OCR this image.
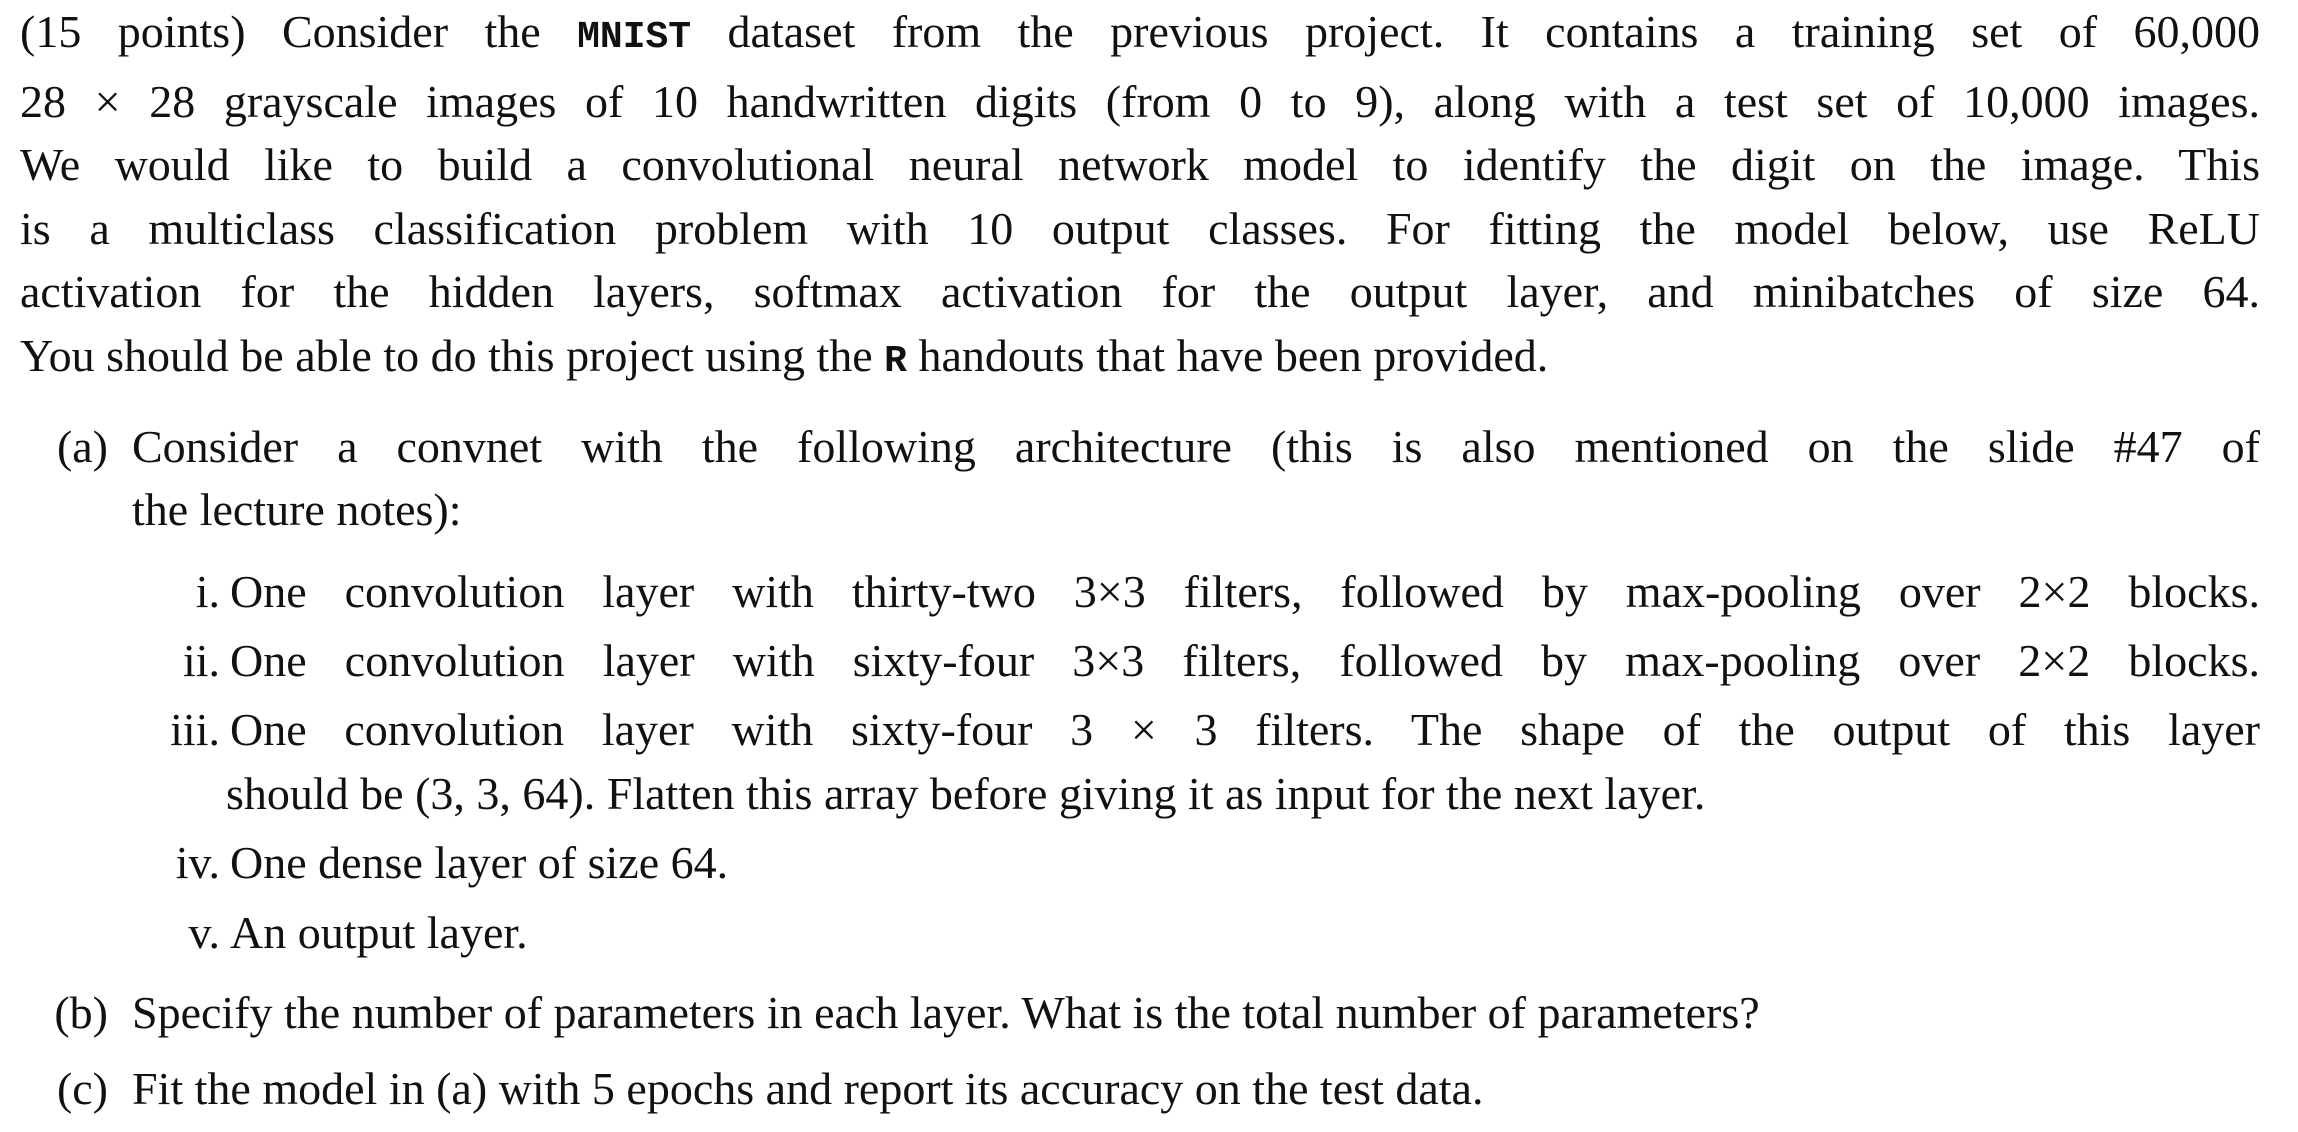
(15 points) Consider the MNIST dataset from the previous project. It contains a training set of 60,000
28 × 28 grayscale images of 10 handwritten digits (from 0 to 9), along with a test set of 10,000 images.
We would like to build a convolutional neural network model to identify the digit on the image. This
is a multiclass classification problem with 10 output classes. For fitting the model below, use ReLU
activation for the hidden layers, softmax activation for the output layer, and minibatches of size 64.
You should be able to do this project using the R handouts that have been provided.
(a) Consider a convnet with the following architecture (this is also mentioned on the slide #47 of
the lecture notes):
i. One convolution layer with thirty-two 3×3 filters, followed by max-pooling over 2×2 blocks.
ii. One convolution layer with sixty-four 3×3 filters, followed by max-pooling over 2×2 blocks.
iii. One convolution layer with sixty-four 3 × 3 filters. The shape of the output of this layer
should be (3, 3, 64). Flatten this array before giving it as input for the next layer.
iv. One dense layer of size 64.
v. An output layer.
(b) Specify the number of parameters in each layer. What is the total number of parameters?
(c) Fit the model in (a) with 5 epochs and report its accuracy on the test data.
